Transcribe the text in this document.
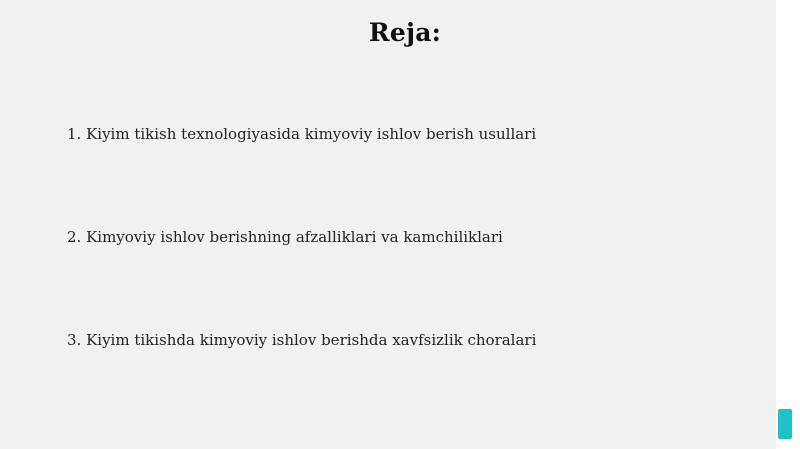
Reja:
1. Kiyim tikish texnologiyasida kimyoviy ishlov berish usullari
2. Kimyoviy ishlov berishning afzalliklari va kamchiliklari
3. Kiyim tikishda kimyoviy ishlov berishda xavfsizlik choralari
